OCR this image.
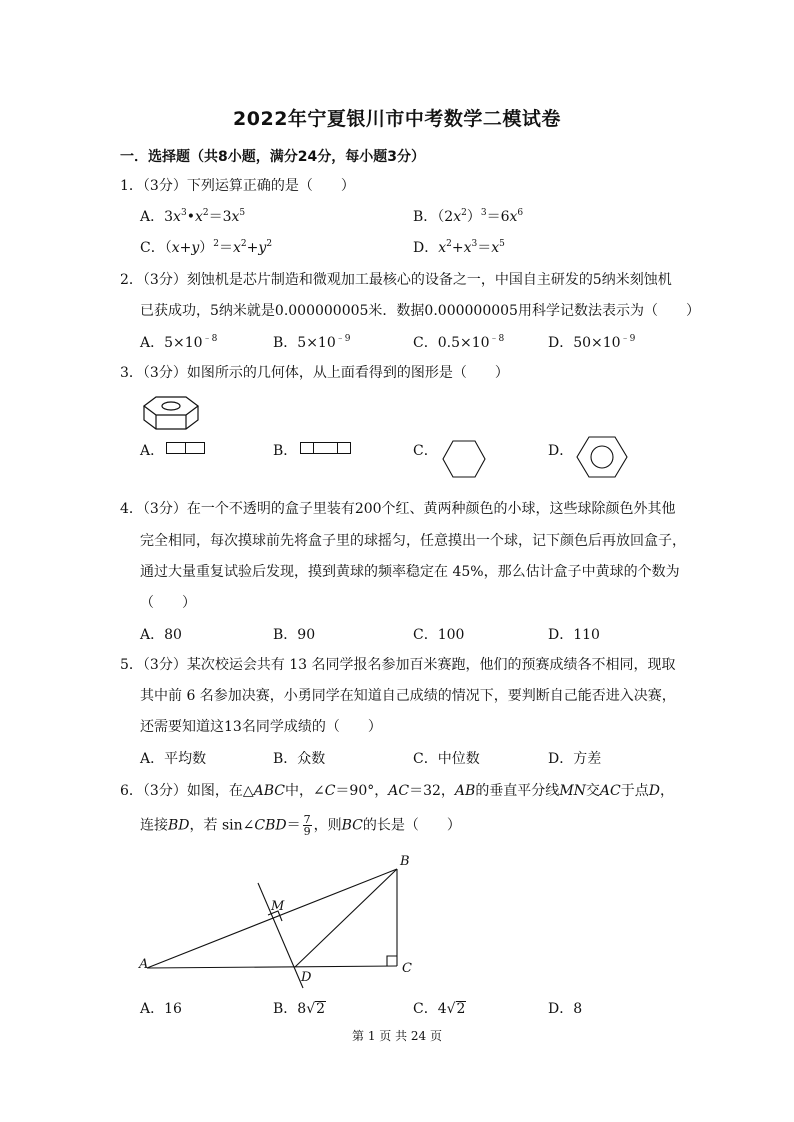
2022年宁夏银川市中考数学二模试卷
一．选择题（共8小题，满分24分，每小题3分）
1．（3分）下列运算正确的是（　　）
A．$3x^3•x^2=3x^5$	B．$(2x^2)^3=6x^6$
C．$(x+y)^2=x^2+y^2$	D．$x^2+x^3=x^5$
2．（3分）刻蚀机是芯片制造和微观加工最核心的设备之一，中国自主研发的5纳米刻蚀机
已获成功，5纳米就是0.000000005米．数据0.000000005用科学记数法表示为（　　）
A．$5\times 10^{﹣8}$	B．$5\times 10^{﹣9}$	C．$0.5\times 10^{﹣8}$	D．$50\times 10^{﹣9}$
3．（3分）如图所示的几何体，从上面看得到的图形是（　　）
A．	B．	C．	D．
4．（3分）在一个不透明的盒子里装有200个红、黄两种颜色的小球，这些球除颜色外其他
完全相同，每次摸球前先将盒子里的球摇匀，任意摸出一个球，记下颜色后再放回盒子，
通过大量重复试验后发现，摸到黄球的频率稳定在 45%，那么估计盒子中黄球的个数为
（　　）
A．80	B．90	C．100	D．110
5．（3分）某次校运会共有 13 名同学报名参加百米赛跑，他们的预赛成绩各不相同，现取
其中前 6 名参加决赛，小勇同学在知道自己成绩的情况下，要判断自己能否进入决赛，
还需要知道这13名同学成绩的（　　）
A．平均数	B．众数	C．中位数	D．方差
6．（3分）如图，在△ABC中，∠C＝90°，AC＝32，AB的垂直平分线MN交AC于点D，
连接BD，若 sin∠CBD＝ $\frac{7}{9}$ ，则BC的长是（　　）
A
B
C
D
M
A．16	B．8√2	C．4√2	D．8
第 1 页 共 24 页
